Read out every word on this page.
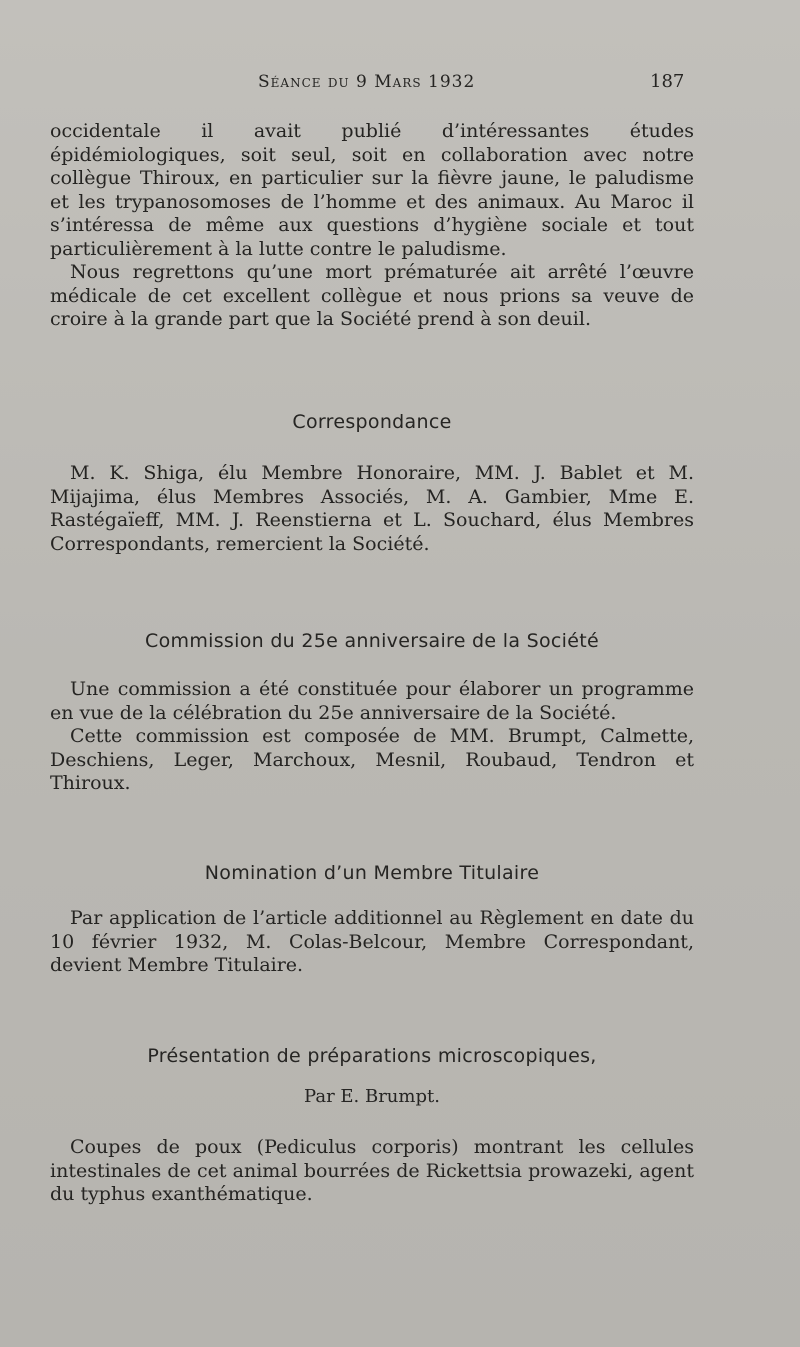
Séance du 9 Mars 1932	187

occidentale il avait publié d’intéressantes études épidémiologiques, soit seul, soit en collaboration avec notre collègue Thiroux, en particulier sur la fièvre jaune, le paludisme et les trypanosomoses de l’homme et des animaux. Au Maroc il s’intéressa de même aux questions d’hygiène sociale et tout particulièrement à la lutte contre le paludisme.

Nous regrettons qu’une mort prématurée ait arrêté l’œuvre médicale de cet excellent collègue et nous prions sa veuve de croire à la grande part que la Société prend à son deuil.

Correspondance

M. K. Shiga, élu Membre Honoraire, MM. J. Bablet et M. Mijajima, élus Membres Associés, M. A. Gambier, Mme E. Rastégaïeff, MM. J. Reenstierna et L. Souchard, élus Membres Correspondants, remercient la Société.

Commission du 25e anniversaire de la Société

Une commission a été constituée pour élaborer un programme en vue de la célébration du 25e anniversaire de la Société.

Cette commission est composée de MM. Brumpt, Calmette, Deschiens, Leger, Marchoux, Mesnil, Roubaud, Tendron et Thiroux.

Nomination d’un Membre Titulaire

Par application de l’article additionnel au Règlement en date du 10 février 1932, M. Colas-Belcour, Membre Correspondant, devient Membre Titulaire.

Présentation de préparations microscopiques,
Par E. Brumpt.

Coupes de poux (Pediculus corporis) montrant les cellules intestinales de cet animal bourrées de Rickettsia prowazeki, agent du typhus exanthématique.
